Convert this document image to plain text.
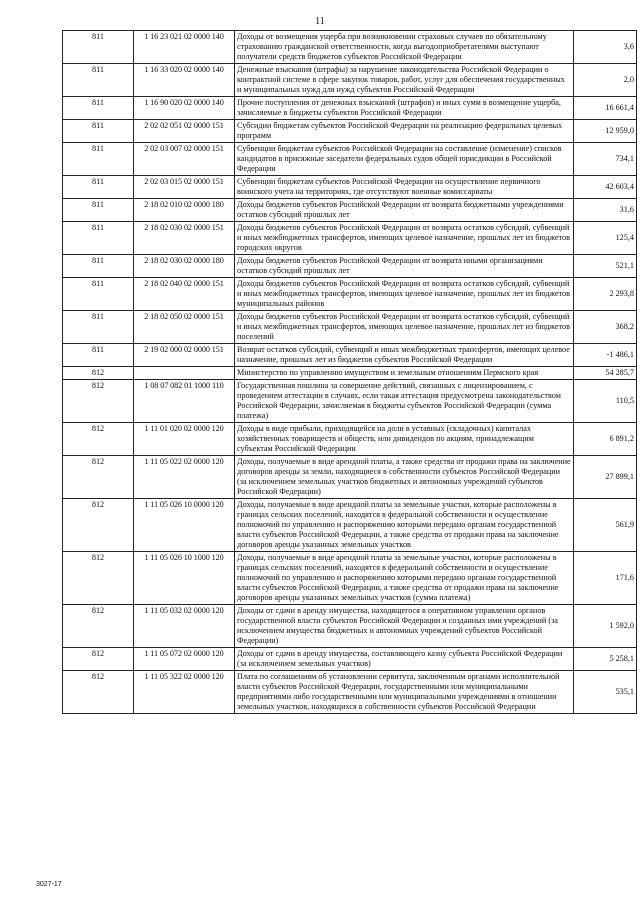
11
811	1 16 23 021 02 0000 140	Доходы от возмещения ущерба при возникновении страховых случаев по обязательному страхованию гражданской ответственности, когда выгодоприобретателями выступают получатели средств бюджетов субъектов Российской Федерации	3,6
811	1 16 33 020 02 0000 140	Денежные взыскания (штрафы) за нарушение законодательства Российской Федерации о контрактной системе в сфере закупок товаров, работ, услуг для обеспечения государственных и муниципальных нужд для нужд субъектов Российской Федерации	2,0
811	1 16 90 020 02 0000 140	Прочие поступления от денежных взысканий (штрафов) и иных сумм в возмещение ущерба, зачисляемые в бюджеты субъектов Российской Федерации	16 661,4
811	2 02 02 051 02 0000 151	Субсидии бюджетам субъектов Российской Федерации на реализацию федеральных целевых программ	12 959,0
811	2 02 03 007 02 0000 151	Субвенции бюджетам субъектов Российской Федерации на составление (изменение) списков кандидатов в присяжные заседатели федеральных судов общей юрисдикции в Российской Федерации	734,1
811	2 02 03 015 02 0000 151	Субвенции бюджетам субъектов Российской Федерации на осуществление первичного воинского учета на территориях, где отсутствуют военные комиссариаты	42 603,4
811	2 18 02 010 02 0000 180	Доходы бюджетов субъектов Российской Федерации от возврата бюджетными учреждениями остатков субсидий прошлых лет	31,6
811	2 18 02 030 02 0000 151	Доходы бюджетов субъектов Российской Федерации от возврата остатков субсидий, субвенций и иных межбюджетных трансфертов, имеющих целевое назначение, прошлых лет из бюджетов городских округов	125,4
811	2 18 02 030 02 0000 180	Доходы бюджетов субъектов Российской Федерации от возврата иными организациями остатков субсидий прошлых лет	521,1
811	2 18 02 040 02 0000 151	Доходы бюджетов субъектов Российской Федерации от возврата остатков субсидий, субвенций и иных межбюджетных трансфертов, имеющих целевое назначение, прошлых лет из бюджетов муниципальных районов	2 293,8
811	2 18 02 050 02 0000 151	Доходы бюджетов субъектов Российской Федерации от возврата остатков субсидий, субвенций и иных межбюджетных трансфертов, имеющих целевое назначение, прошлых лет из бюджетов поселений	368,2
811	2 19 02 000 02 0000 151	Возврат остатков субсидий, субвенций и иных межбюджетных трансфертов, имеющих целевое назначение, прошлых лет из бюджетов субъектов Российской Федерации	-1 486,1
812		Министерство по управлению имуществом и земельным отношениям Пермского края	54 285,7
812	1 08 07 082 01 1000 110	Государственная пошлина за совершение действий, связанных с лицензированием, с проведением аттестации в случаях, если такая аттестация предусмотрена законодательством Российской Федерации, зачисляемая в бюджеты субъектов Российской Федерации (сумма платежа)	110,5
812	1 11 01 020 02 0000 120	Доходы в виде прибыли, приходящейся на доли в уставных (складочных) капиталах хозяйственных товариществ и обществ, или дивидендов по акциям, принадлежащим субъектам Российской Федерации	6 891,2
812	1 11 05 022 02 0000 120	Доходы, получаемые в виде арендной платы, а также средства от продажи права на заключение договоров аренды за земли, находящиеся в собственности субъектов Российской Федерации (за исключением земельных участков бюджетных и автономных учреждений субъектов Российской Федерации)	27 899,1
812	1 11 05 026 10 0000 120	Доходы, получаемые в виде арендной платы за земельные участки, которые расположены в границах сельских поселений, находятся в федеральной собственности и осуществление полномочий по управлению и распоряжению которыми передано органам государственной власти субъектов Российской Федерации, а также средства от продажи права на заключение договоров аренды указанных земельных участков	561,9
812	1 11 05 026 10 1000 120	Доходы, получаемые в виде арендной платы за земельные участки, которые расположены в границах сельских поселений, находятся в федеральной собственности и осуществление полномочий по управлению и распоряжению которыми передано органам государственной власти субъектов Российской Федерации, а также средства от продажи права на заключение договоров аренды указанных земельных участков (сумма платежа)	171,6
812	1 11 05 032 02 0000 120	Доходы от сдачи в аренду имущества, находящегося в оперативном управлении органов государственной власти субъектов Российской Федерации и созданных ими учреждений (за исключением имущества бюджетных и автономных учреждений субъектов Российской Федерации)	1 592,0
812	1 11 05 072 02 0000 120	Доходы от сдачи в аренду имущества, составляющего казну субъекта Российской Федерации (за исключением земельных участков)	5 258,1
812	1 11 05 322 02 0000 120	Плата по соглашениям об установлении сервитута, заключенным органами исполнительной власти субъектов Российской Федерации, государственными или муниципальными предприятиями либо государственными или муниципальными учреждениями в отношении земельных участков, находящихся в собственности субъектов Российской Федерации	535,1
3027-17
